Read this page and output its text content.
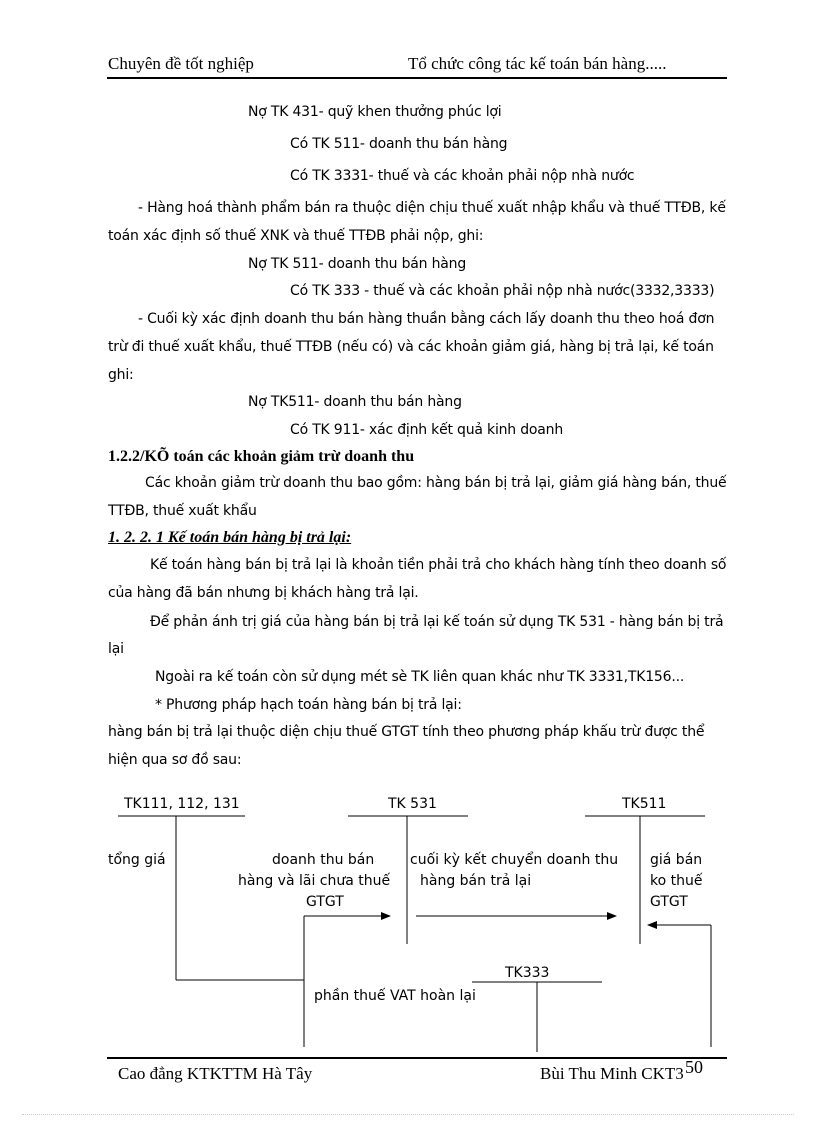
Chuyên đề tốt nghiệp	Tổ chức công tác kế toán bán hàng.....
Nợ TK 431- quỹ khen thưởng phúc lợi
Có TK 511- doanh thu bán hàng
Có TK 3331- thuế và các khoản phải nộp nhà nước
- Hàng hoá thành phẩm bán ra thuộc diện chịu thuế xuất nhập khẩu và thuế TTĐB, kế
toán xác định số thuế XNK và thuế TTĐB phải nộp, ghi:
Nợ TK 511- doanh thu bán hàng
Có TK 333 - thuế và các khoản phải nộp nhà nước(3332,3333)
- Cuối kỳ xác định doanh thu bán hàng thuần bằng cách lấy doanh thu theo hoá đơn
trừ đi thuế xuất khẩu, thuế TTĐB (nếu có) và các khoản giảm giá, hàng bị trả lại, kế toán
ghi:
Nợ TK511- doanh thu bán hàng
Có TK 911- xác định kết quả kinh doanh
1.2.2/KÕ toán các khoản giảm trừ doanh thu
Các khoản giảm trừ doanh thu bao gồm: hàng bán bị trả lại, giảm giá hàng bán, thuế
TTĐB, thuế xuất khẩu
1. 2. 2. 1 Kế toán bán hàng bị trả lại:
Kế toán hàng bán bị trả lại là khoản tiền phải trả cho khách hàng tính theo doanh số
của hàng đã bán nhưng bị khách hàng trả lại.
Để phản ánh trị giá của hàng bán bị trả lại kế toán sử dụng TK 531 - hàng bán bị trả
lại
Ngoài ra kế toán còn sử dụng mét sè TK liên quan khác như TK 3331,TK156...
* Phương pháp hạch toán hàng bán bị trả lại:
hàng bán bị trả lại thuộc diện chịu thuế GTGT tính theo phương pháp khấu trừ được thể
hiện qua sơ đồ sau:
TK111, 112, 131	TK 531	TK511
TK333
tổng giá	doanh thu bán
hàng và lãi chưa thuế
GTGT
cuối kỳ kết chuyển doanh thu
hàng bán trả lại
giá bán
ko thuế
GTGT
phần thuế VAT hoàn lại
Cao đẳng KTKTTM Hà Tây	Bùi Thu Minh CKT3 50
